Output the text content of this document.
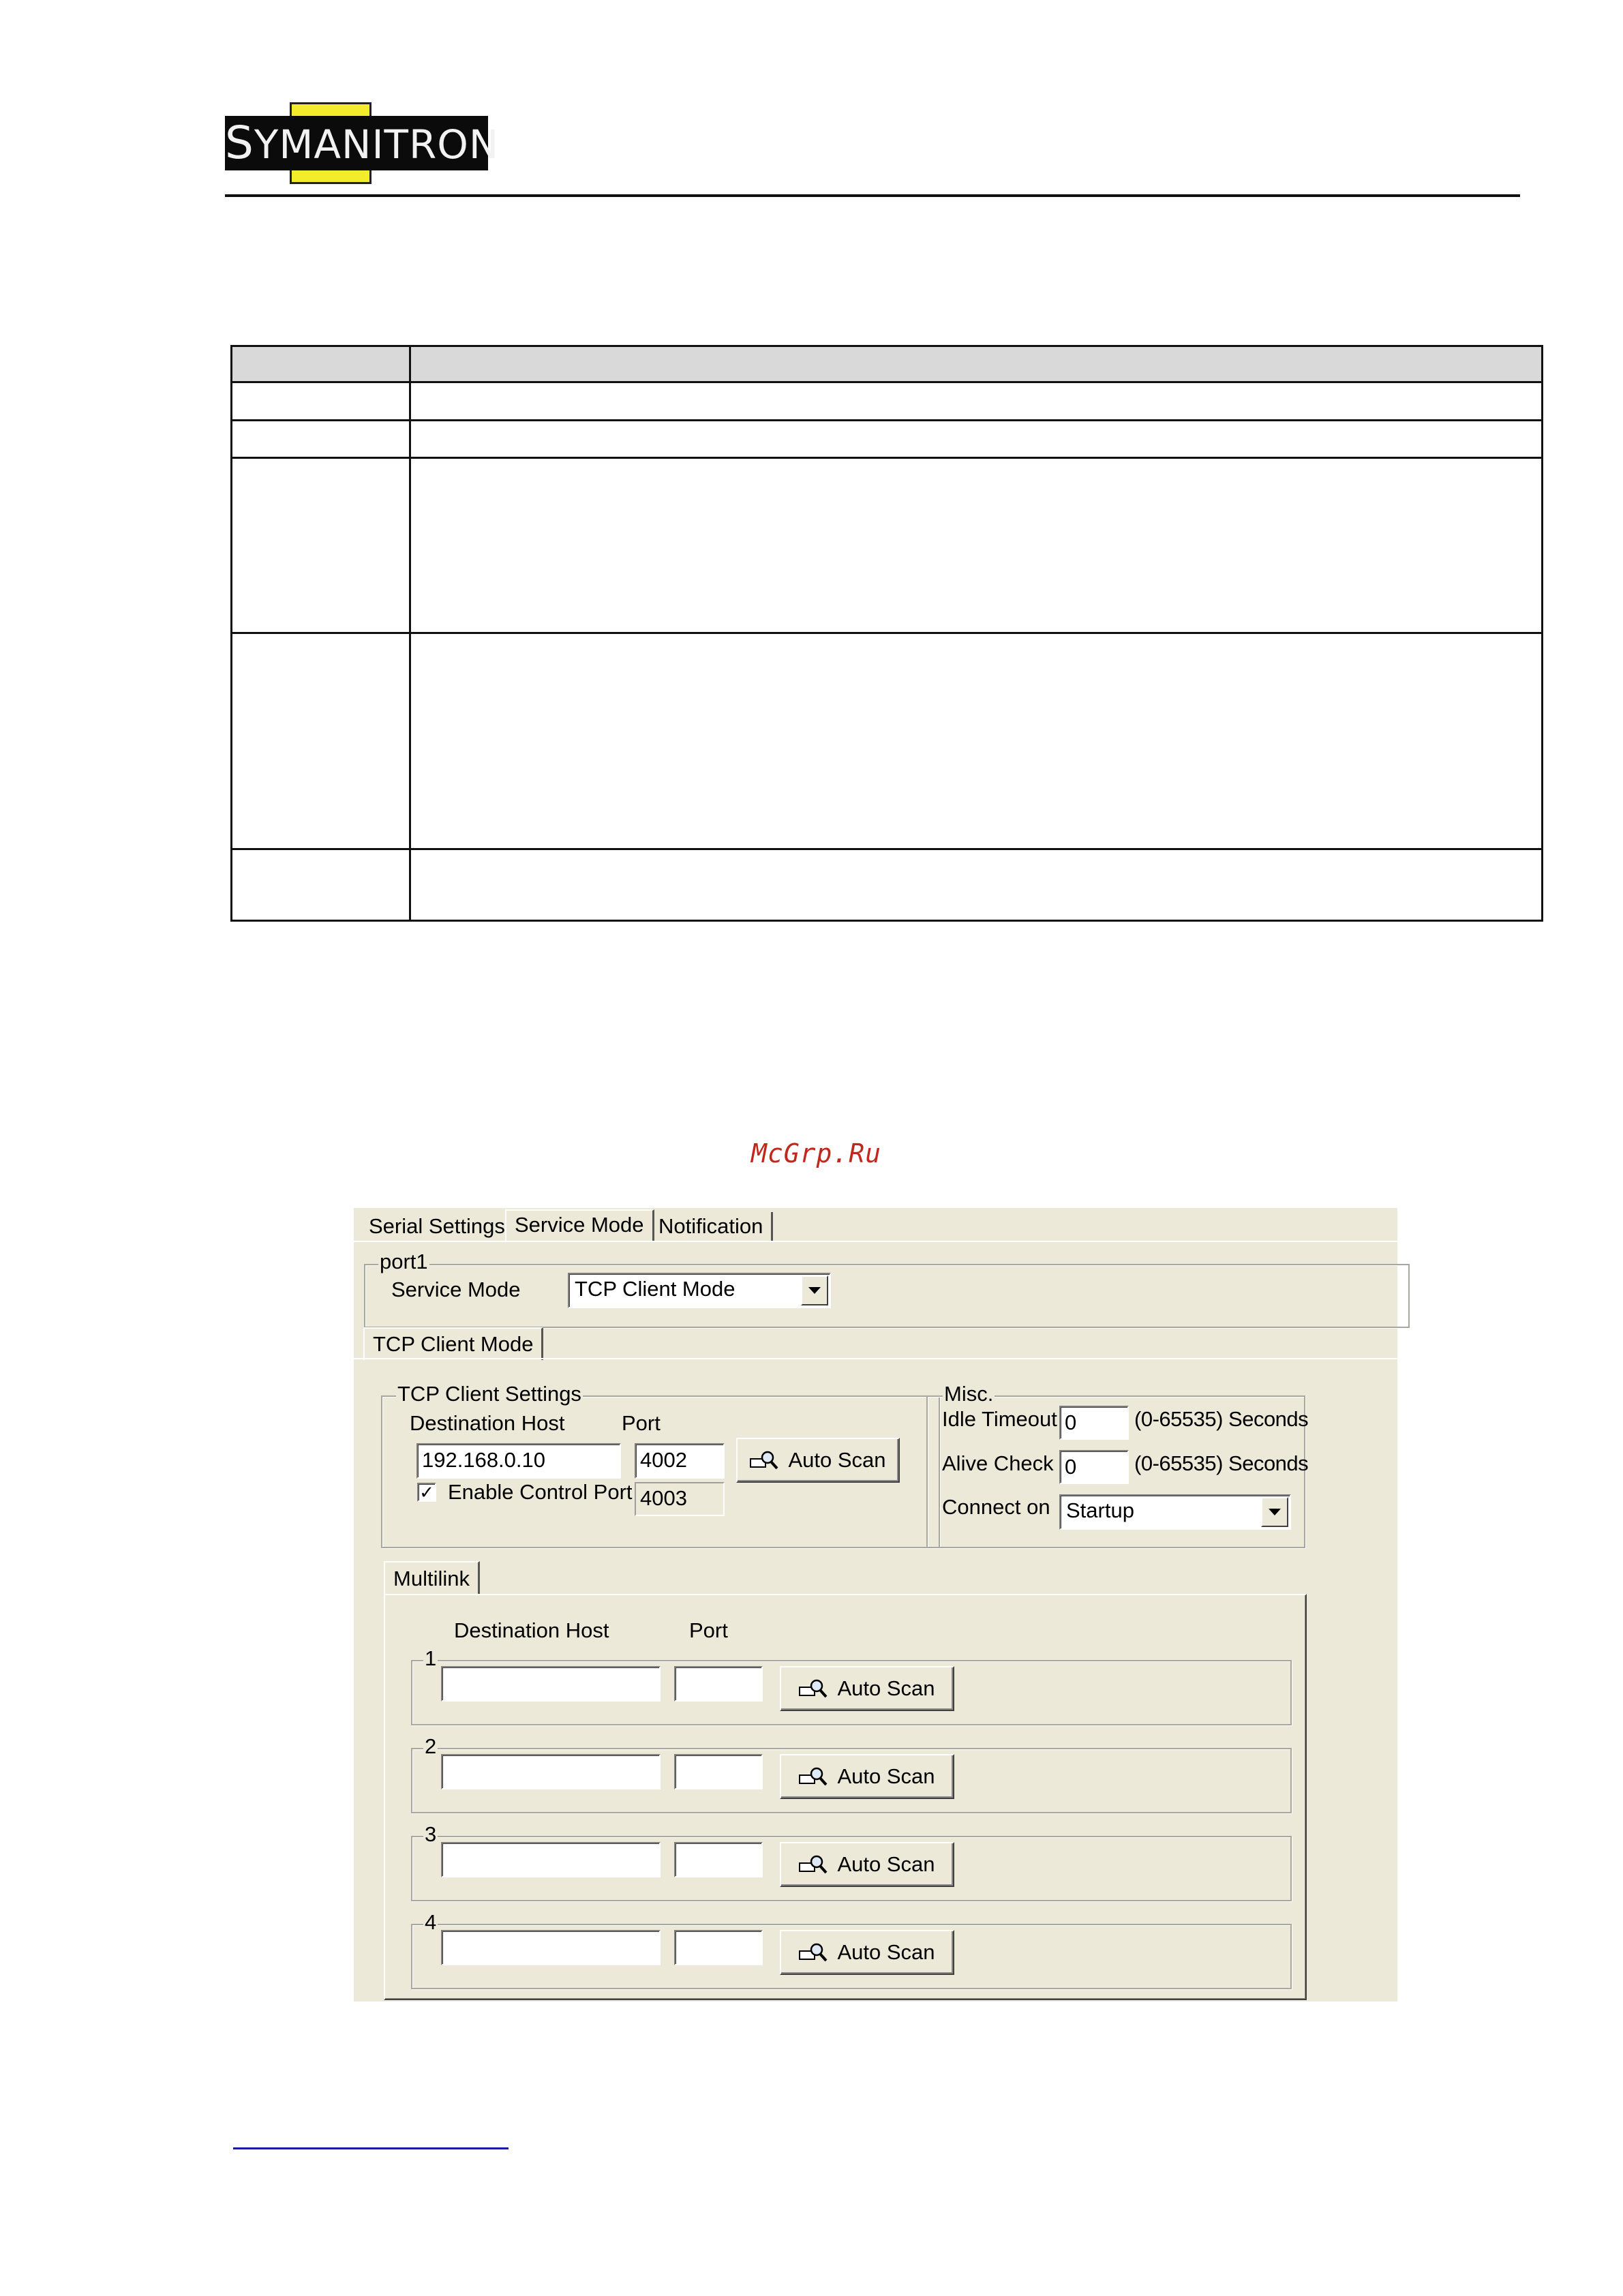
SYMANITRON

McGrp.Ru
Serial Settings Service Mode Notification
port1
Service Mode	TCP Client Mode
TCP Client Mode
TCP Client Settings
Destination Host	Port
192.168.0.10	4002	Auto Scan
✓ Enable Control Port 4003
Misc.
Idle Timeout 0	(0-65535) Seconds
Alive Check 0	(0-65535) Seconds
Connect on Startup
Multilink
Destination Host	Port
1
Auto Scan
2
Auto Scan
3
Auto Scan
4
Auto Scan
